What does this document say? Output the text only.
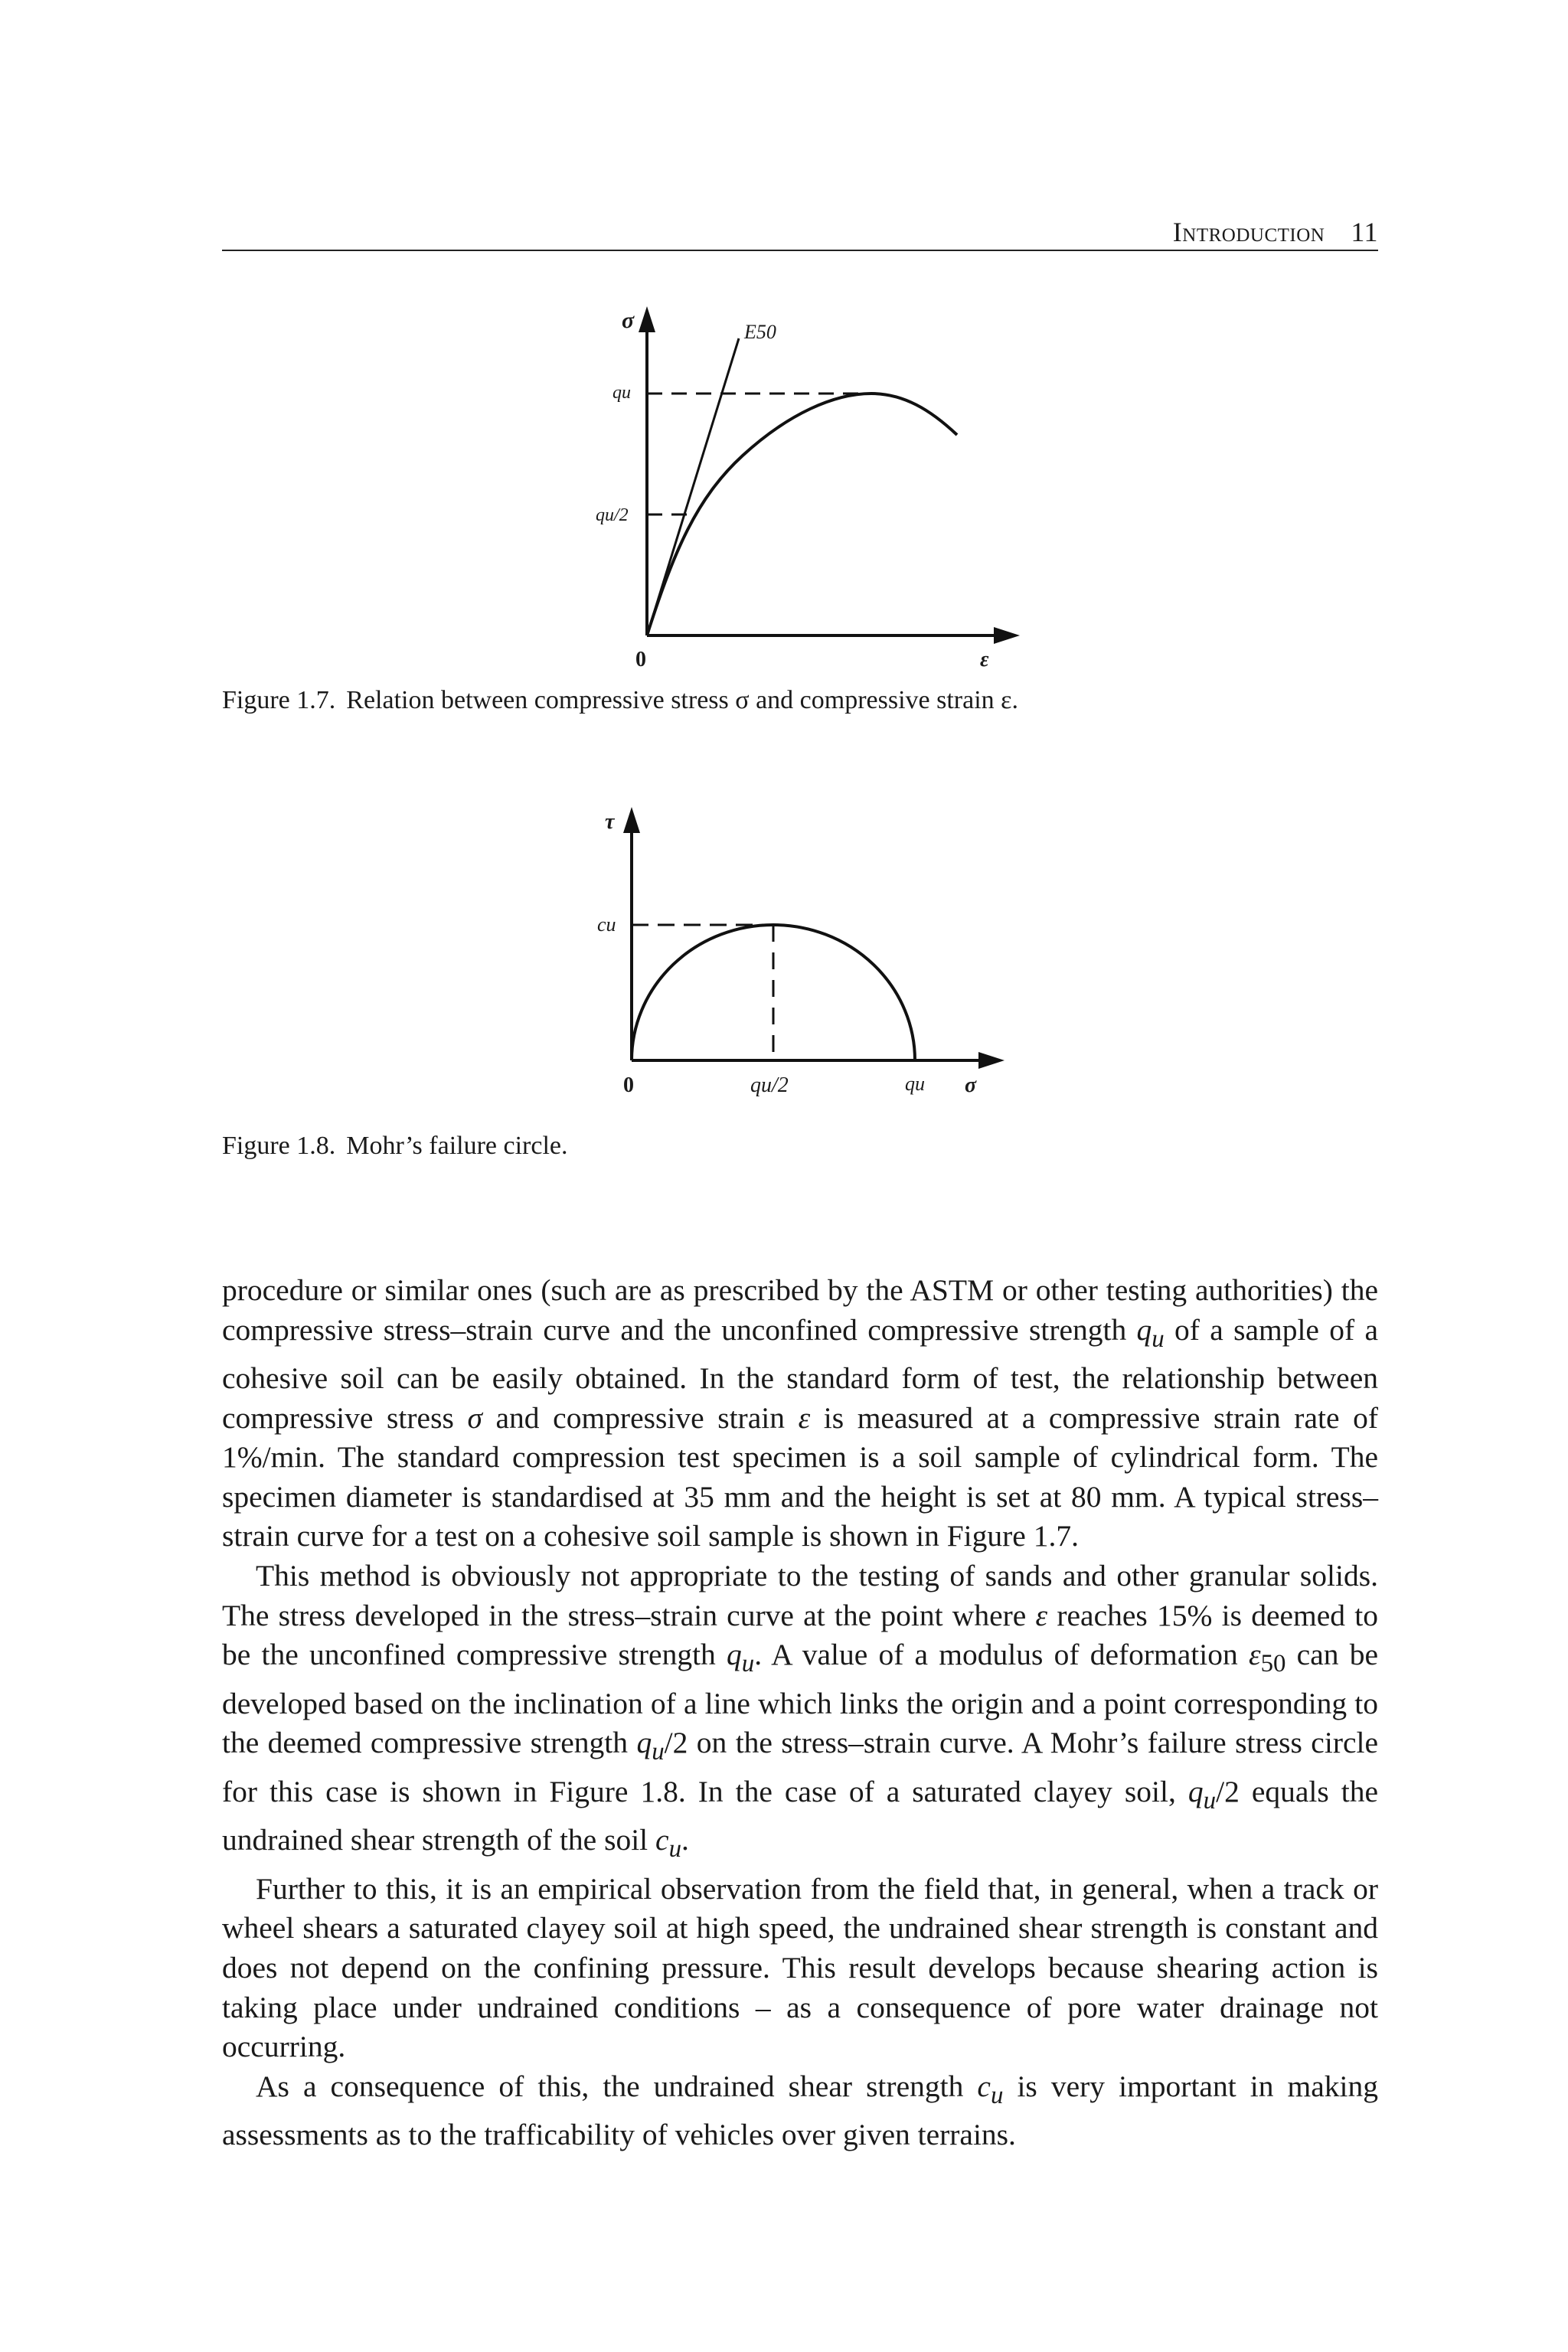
Introduction 11
σ	E50
qu
qu/2
0	ε
Figure 1.7. Relation between compressive stress σ and compressive strain ε.
τ
cu
0	qu/2	qu σ
Figure 1.8. Mohr’s failure circle.

procedure or similar ones (such are as prescribed by the ASTM or other testing authorities) the compressive stress–strain curve and the unconfined compressive strength $q_u$ of a sample of a cohesive soil can be easily obtained. In the standard form of test, the relationship between compressive stress σ and compressive strain ε is measured at a compressive strain rate of 1%/min. The standard compression test specimen is a soil sample of cylindrical form. The specimen diameter is standardised at 35 mm and the height is set at 80 mm. A typical stress–strain curve for a test on a cohesive soil sample is shown in Figure 1.7.

This method is obviously not appropriate to the testing of sands and other granular solids. The stress developed in the stress–strain curve at the point where ε reaches 15% is deemed to be the unconfined compressive strength $q_u$. A value of a modulus of deformation $\varepsilon_{50}$ can be developed based on the inclination of a line which links the origin and a point corresponding to the deemed compressive strength $q_u/2$ on the stress–strain curve. A Mohr’s failure stress circle for this case is shown in Figure 1.8. In the case of a saturated clayey soil, $q_u/2$ equals the undrained shear strength of the soil $c_u$.

Further to this, it is an empirical observation from the field that, in general, when a track or wheel shears a saturated clayey soil at high speed, the undrained shear strength is constant and does not depend on the confining pressure. This result develops because shearing action is taking place under undrained conditions – as a consequence of pore water drainage not occurring.

As a consequence of this, the undrained shear strength $c_u$ is very important in making assessments as to the trafficability of vehicles over given terrains.
